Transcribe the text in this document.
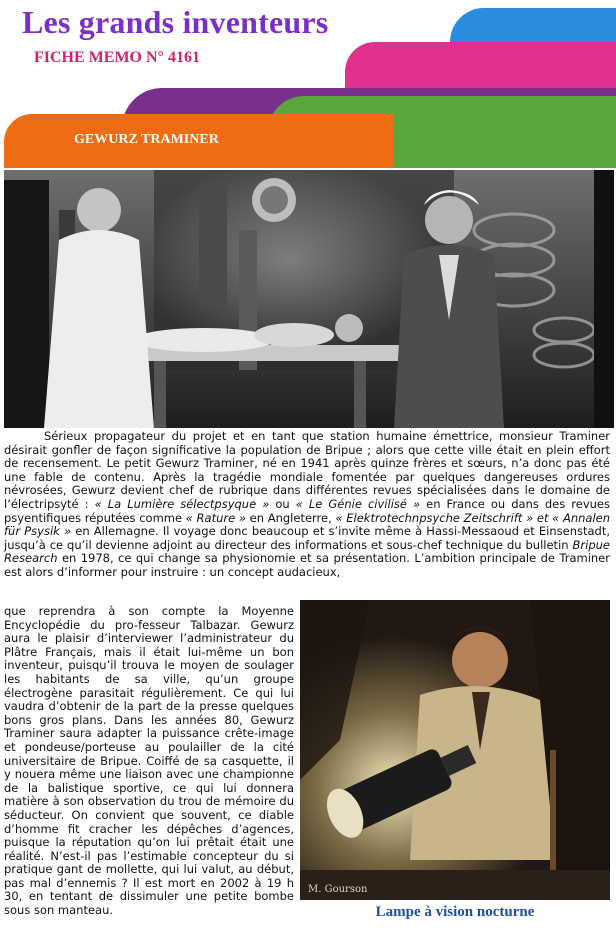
Les grands inventeurs
FICHE MEMO N° 4161
GEWURZ TRAMINER

Sérieux propagateur du projet et en tant que station humaine émettrice, monsieur Traminer désirait gonfler de façon significative la population de Bripue ; alors que cette ville était en plein effort de recensement. Le petit Gewurz Traminer, né en 1941 après quinze frères et sœurs, n’a donc pas été une fable de contenu. Après la tragédie mondiale fomentée par quelques dangereuses ordures névrosées, Gewurz devient chef de rubrique dans différentes revues spécialisées dans le domaine de l’électripsyté : « La Lumière sélectpsyque » ou « Le Génie civilisé » en France ou dans des revues psyentifiques réputées comme « Rature » en Angleterre, « Elektrotechnpsyche Zeitschrift » et « Annalen für Psysik » en Allemagne. Il voyage donc beaucoup et s’invite même à Hassi-Messaoud et Einsenstadt, jusqu’à ce qu’il devienne adjoint au directeur des informations et sous-chef technique du bulletin Bripue Research en 1978, ce qui change sa physionomie et sa présentation. L’ambition principale de Traminer est alors d’informer pour instruire : un concept audacieux,

que reprendra à son compte la Moyenne Encyclopédie du pro-fesseur Talbazar. Gewurz aura le plaisir d’interviewer l’administrateur du Plâtre Français, mais il était lui-même un bon inventeur, puisqu’il trouva le moyen de soulager les habitants de sa ville, qu’un groupe électrogène parasitait régulièrement. Ce qui lui vaudra d’obtenir de la part de la presse quelques bons gros plans. Dans les années 80, Gewurz Traminer saura adapter la puissance crête-image et pondeuse/porteuse au poulailler de la cité universitaire de Bripue. Coiffé de sa casquette, il y nouera même une liaison avec une championne de la balistique sportive, ce qui lui donnera matière à son observation du trou de mémoire du séducteur. On convient que souvent, ce diable d’homme fit cracher les dépêches d’agences, puisque la réputation qu’on lui prêtait était une réalité. N’est-il pas l’estimable concepteur du si pratique gant de mollette, qui lui valut, au début, pas mal d’ennemis ? Il est mort en 2002 à 19 h 30, en tentant de dissimuler une petite bombe sous son manteau.
M. Gourson
Lampe à vision nocturne
